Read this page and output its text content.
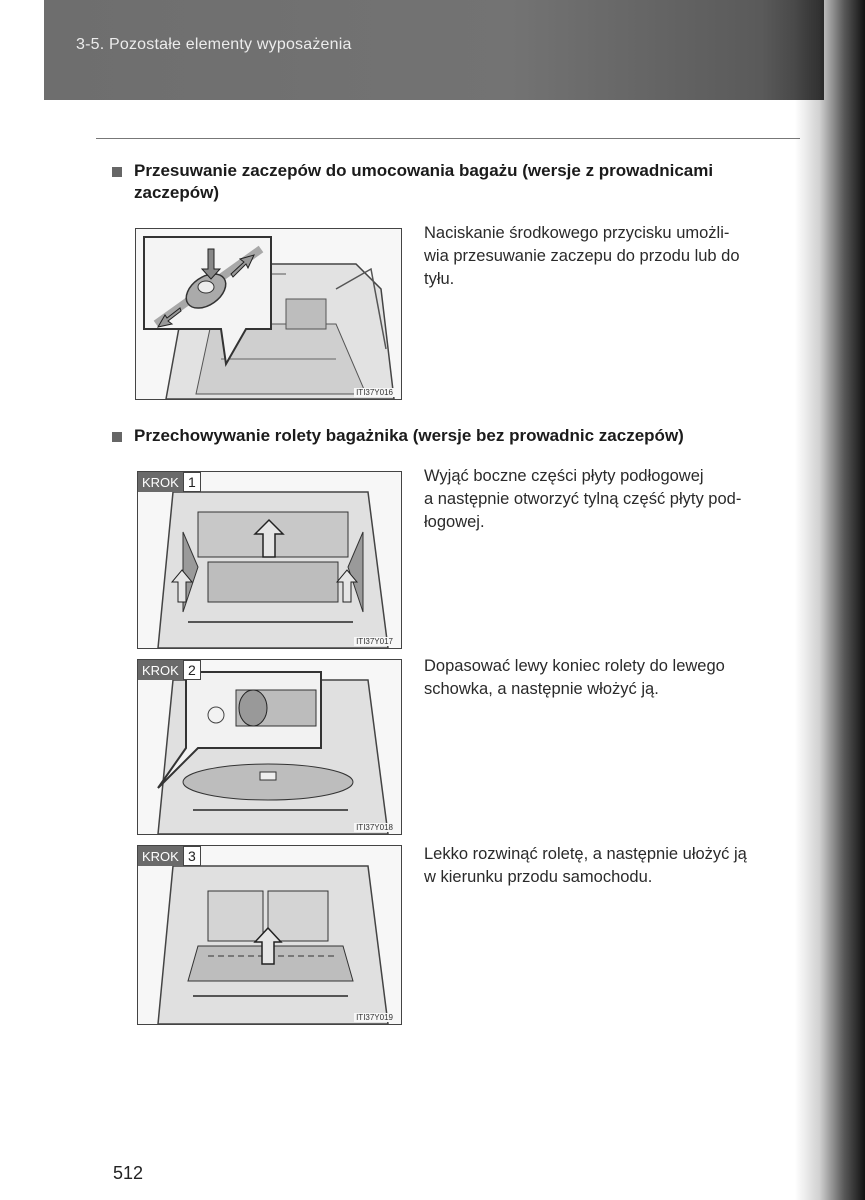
3-5. Pozostałe elementy wyposażenia
Przesuwanie zaczepów do umocowania bagażu (wersje z prowadnicami
zaczepów)
ITI37Y016
Naciskanie środkowego przycisku umożli-
wia przesuwanie zaczepu do przodu lub do
tyłu.
Przechowywanie rolety bagażnika (wersje bez prowadnic zaczepów)
KROK 1
ITI37Y017
Wyjąć boczne części płyty podłogowej
a następnie otworzyć tylną część płyty pod-
łogowej.
KROK 2
ITI37Y018
Dopasować lewy koniec rolety do lewego
schowka, a następnie włożyć ją.
KROK 3
ITI37Y019
Lekko rozwinąć roletę, a następnie ułożyć ją
w kierunku przodu samochodu.
512
